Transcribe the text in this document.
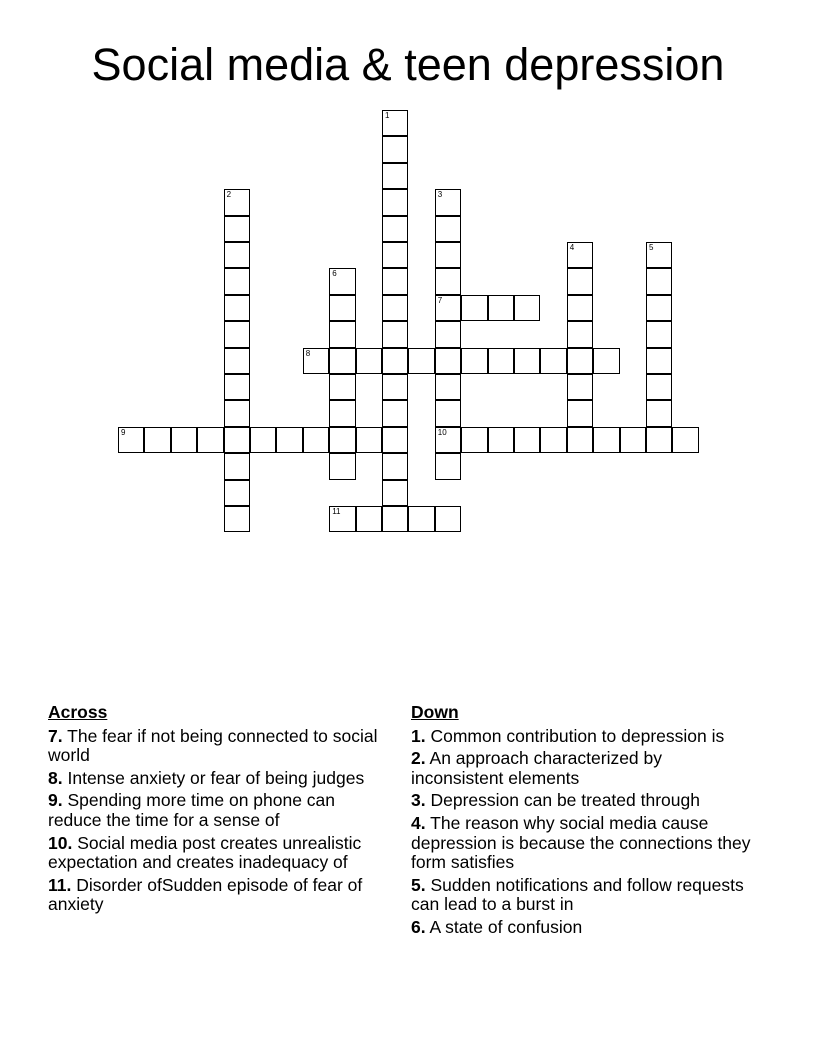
Social media & teen depression
1
2	3
7
10
4	5
6
8
9
11
Across
7. The fear if not being connected to social world
8. Intense anxiety or fear of being judges
9. Spending more time on phone can reduce the time for a sense of
10. Social media post creates unrealistic expectation and creates inadequacy of
11. Disorder ofSudden episode of fear of anxiety
Down
1. Common contribution to depression is
2. An approach characterized by inconsistent elements
3. Depression can be treated through
4. The reason why social media cause depression is because the connections they form satisfies
5. Sudden notifications and follow requests can lead to a burst in
6. A state of confusion
